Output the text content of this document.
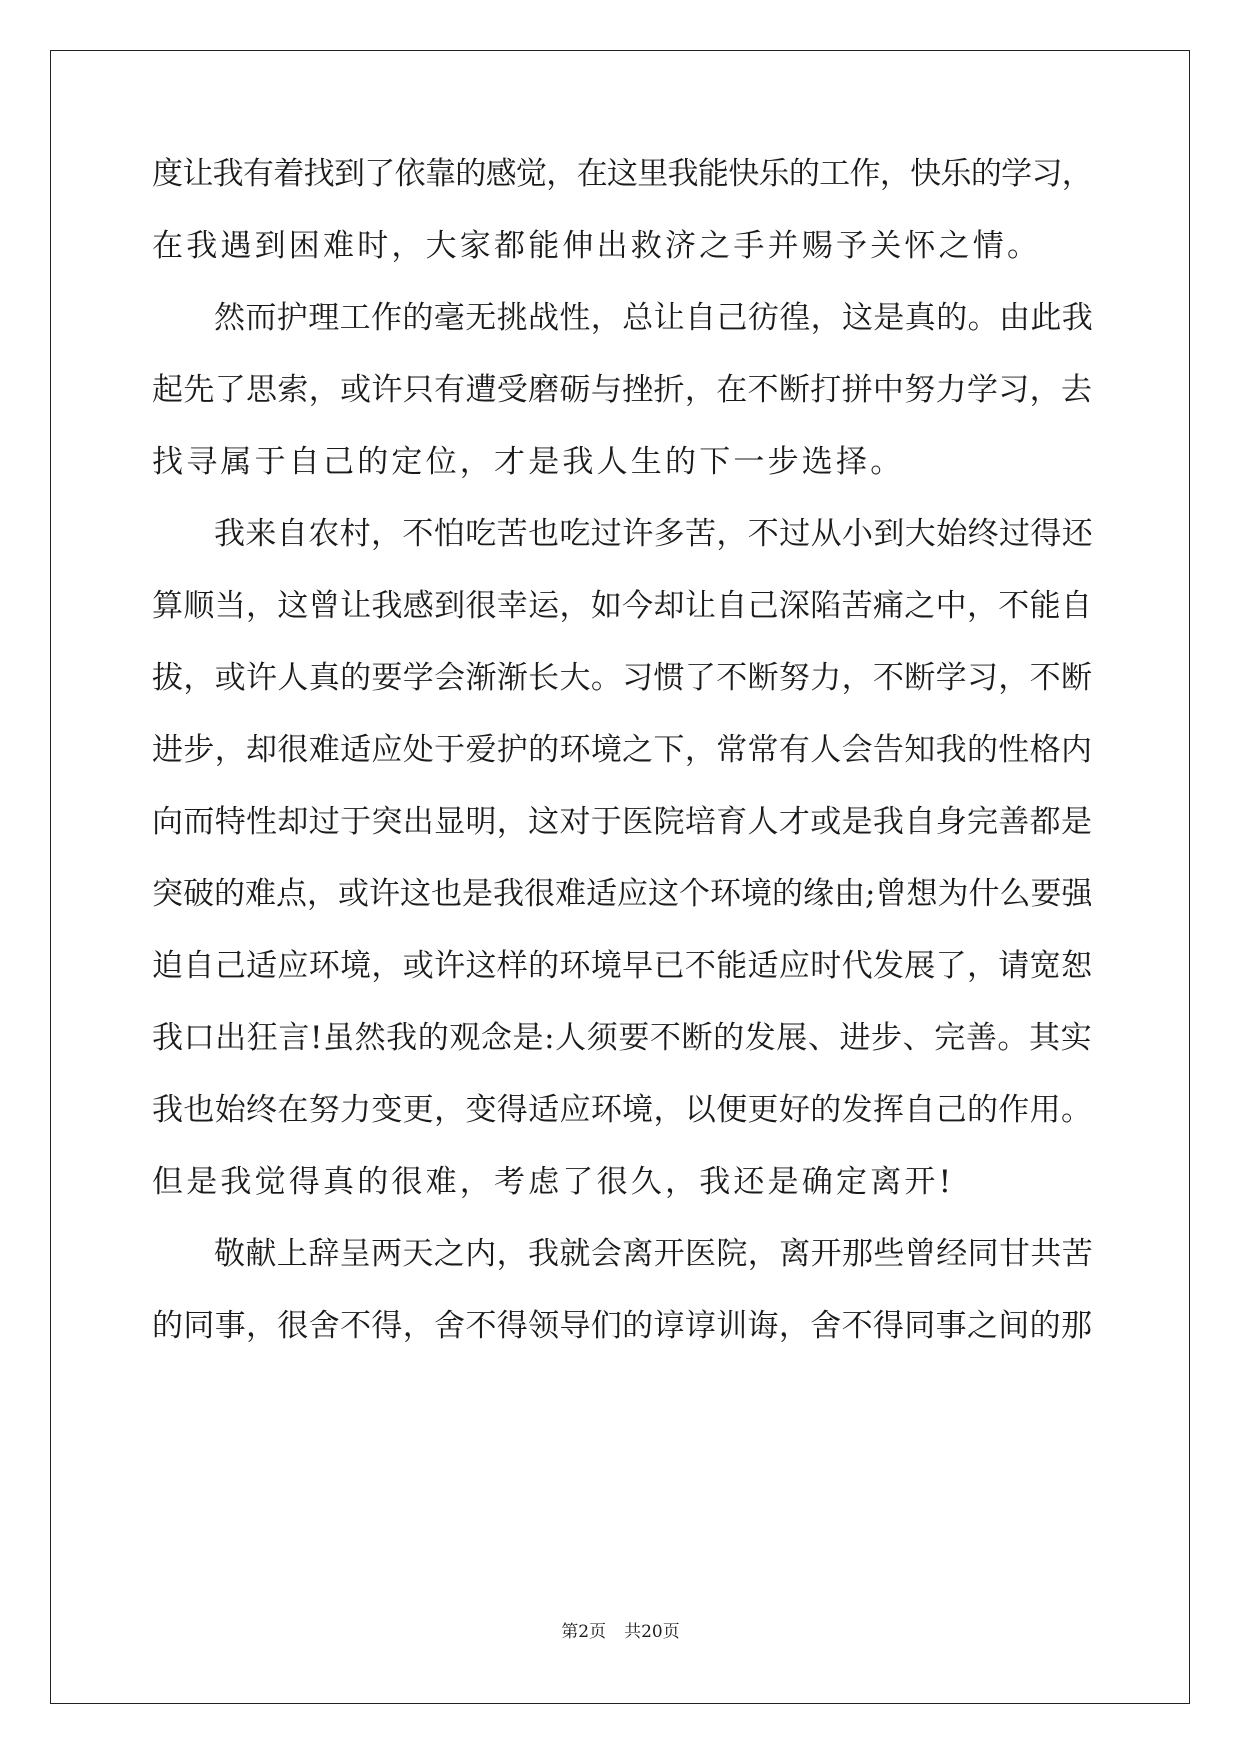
度让我有着找到了依靠的感觉，在这里我能快乐的工作，快乐的学习，
在我遇到困难时，大家都能伸出救济之手并赐予关怀之情。
然而护理工作的毫无挑战性，总让自己彷徨，这是真的。由此我
起先了思索，或许只有遭受磨砺与挫折，在不断打拼中努力学习，去
找寻属于自己的定位，才是我人生的下一步选择。
我来自农村，不怕吃苦也吃过许多苦，不过从小到大始终过得还
算顺当，这曾让我感到很幸运，如今却让自己深陷苦痛之中，不能自
拔，或许人真的要学会渐渐长大。习惯了不断努力，不断学习，不断
进步，却很难适应处于爱护的环境之下，常常有人会告知我的性格内
向而特性却过于突出显明，这对于医院培育人才或是我自身完善都是
突破的难点，或许这也是我很难适应这个环境的缘由;曾想为什么要强
迫自己适应环境，或许这样的环境早已不能适应时代发展了，请宽恕
我口出狂言!虽然我的观念是:人须要不断的发展、进步、完善。其实
我也始终在努力变更，变得适应环境，以便更好的发挥自己的作用。
但是我觉得真的很难，考虑了很久，我还是确定离开!
敬献上辞呈两天之内，我就会离开医院，离开那些曾经同甘共苦
的同事，很舍不得，舍不得领导们的谆谆训诲，舍不得同事之间的那
第2页 共20页
